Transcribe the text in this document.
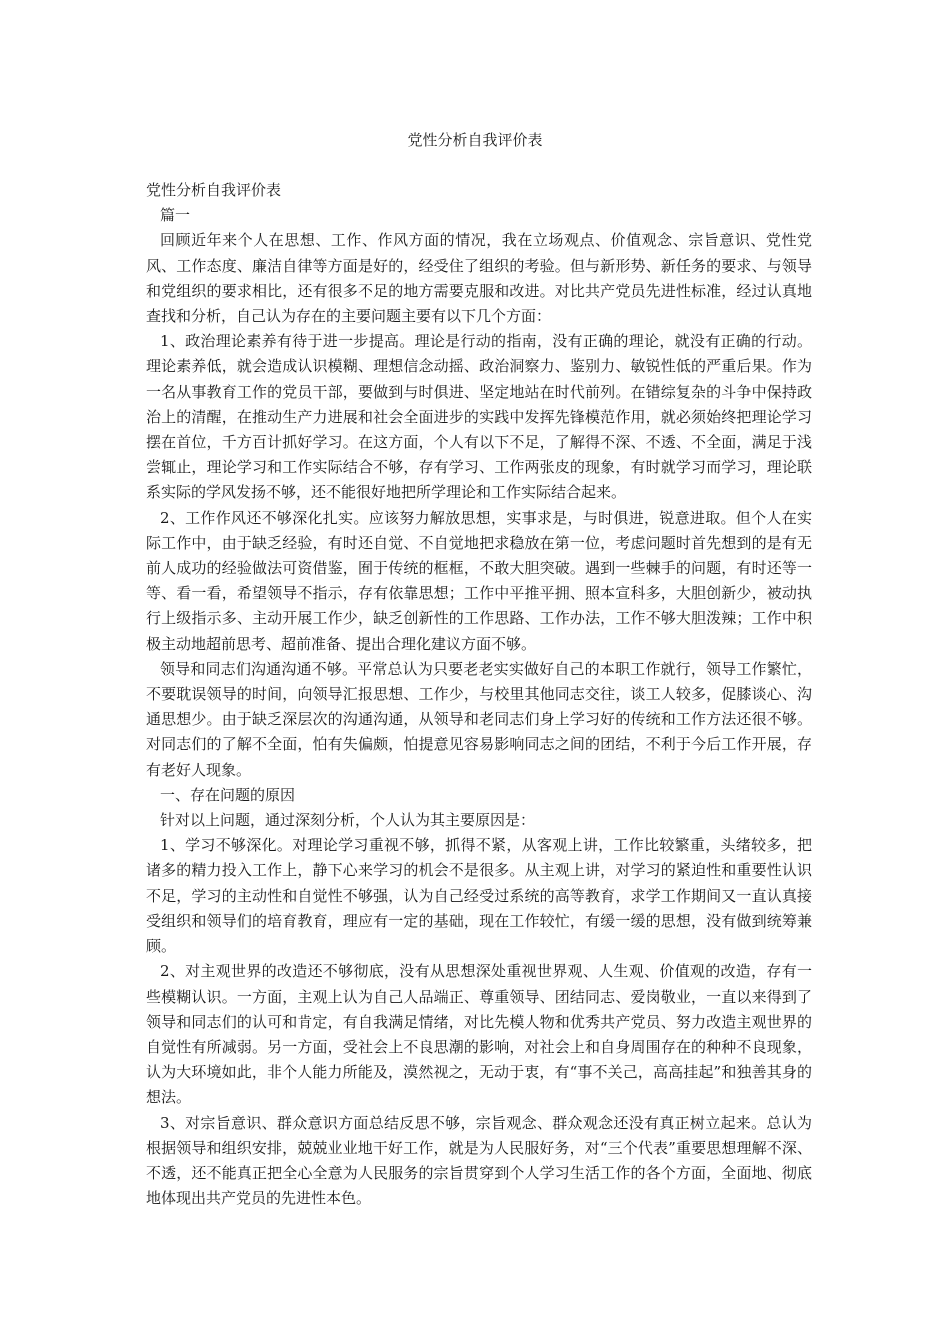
党性分析自我评价表

党性分析自我评价表

篇一

回顾近年来个人在思想、工作、作风方面的情况，我在立场观点、价值观念、宗旨意识、党性党风、工作态度、廉洁自律等方面是好的，经受住了组织的考验。但与新形势、新任务的要求、与领导和党组织的要求相比，还有很多不足的地方需要克服和改进。对比共产党员先进性标准，经过认真地查找和分析，自己认为存在的主要问题主要有以下几个方面：

1、政治理论素养有待于进一步提高。理论是行动的指南，没有正确的理论，就没有正确的行动。理论素养低，就会造成认识模糊、理想信念动摇、政治洞察力、鉴别力、敏锐性低的严重后果。作为一名从事教育工作的党员干部，要做到与时俱进、坚定地站在时代前列。在错综复杂的斗争中保持政治上的清醒，在推动生产力进展和社会全面进步的实践中发挥先锋模范作用，就必须始终把理论学习摆在首位，千方百计抓好学习。在这方面，个人有以下不足，了解得不深、不透、不全面，满足于浅尝辄止，理论学习和工作实际结合不够，存有学习、工作两张皮的现象，有时就学习而学习，理论联系实际的学风发扬不够，还不能很好地把所学理论和工作实际结合起来。

2、工作作风还不够深化扎实。应该努力解放思想，实事求是，与时俱进，锐意进取。但个人在实际工作中，由于缺乏经验，有时还自觉、不自觉地把求稳放在第一位，考虑问题时首先想到的是有无前人成功的经验做法可资借鉴，囿于传统的框框，不敢大胆突破。遇到一些棘手的问题，有时还等一等、看一看，希望领导不指示，存有依靠思想；工作中平推平拥、照本宣科多，大胆创新少，被动执行上级指示多、主动开展工作少，缺乏创新性的工作思路、工作办法，工作不够大胆泼辣；工作中积极主动地超前思考、超前准备、提出合理化建议方面不够。

领导和同志们沟通沟通不够。平常总认为只要老老实实做好自己的本职工作就行，领导工作繁忙，不要耽误领导的时间，向领导汇报思想、工作少，与校里其他同志交往，谈工人较多，促膝谈心、沟通思想少。由于缺乏深层次的沟通沟通，从领导和老同志们身上学习好的传统和工作方法还很不够。对同志们的了解不全面，怕有失偏颇，怕提意见容易影响同志之间的团结，不利于今后工作开展，存有老好人现象。

一、存在问题的原因

针对以上问题，通过深刻分析，个人认为其主要原因是：

1、学习不够深化。对理论学习重视不够，抓得不紧，从客观上讲，工作比较繁重，头绪较多，把诸多的精力投入工作上，静下心来学习的机会不是很多。从主观上讲，对学习的紧迫性和重要性认识不足，学习的主动性和自觉性不够强，认为自己经受过系统的高等教育，求学工作期间又一直认真接受组织和领导们的培育教育，理应有一定的基础，现在工作较忙，有缓一缓的思想，没有做到统筹兼顾。

2、对主观世界的改造还不够彻底，没有从思想深处重视世界观、人生观、价值观的改造，存有一些模糊认识。一方面，主观上认为自己人品端正、尊重领导、团结同志、爱岗敬业，一直以来得到了领导和同志们的认可和肯定，有自我满足情绪，对比先模人物和优秀共产党员、努力改造主观世界的自觉性有所减弱。另一方面，受社会上不良思潮的影响，对社会上和自身周围存在的种种不良现象，认为大环境如此，非个人能力所能及，漠然视之，无动于衷，有“事不关己，高高挂起”和独善其身的想法。

3、对宗旨意识、群众意识方面总结反思不够，宗旨观念、群众观念还没有真正树立起来。总认为根据领导和组织安排，兢兢业业地干好工作，就是为人民服好务，对“三个代表”重要思想理解不深、不透，还不能真正把全心全意为人民服务的宗旨贯穿到个人学习生活工作的各个方面，全面地、彻底地体现出共产党员的先进性本色。
